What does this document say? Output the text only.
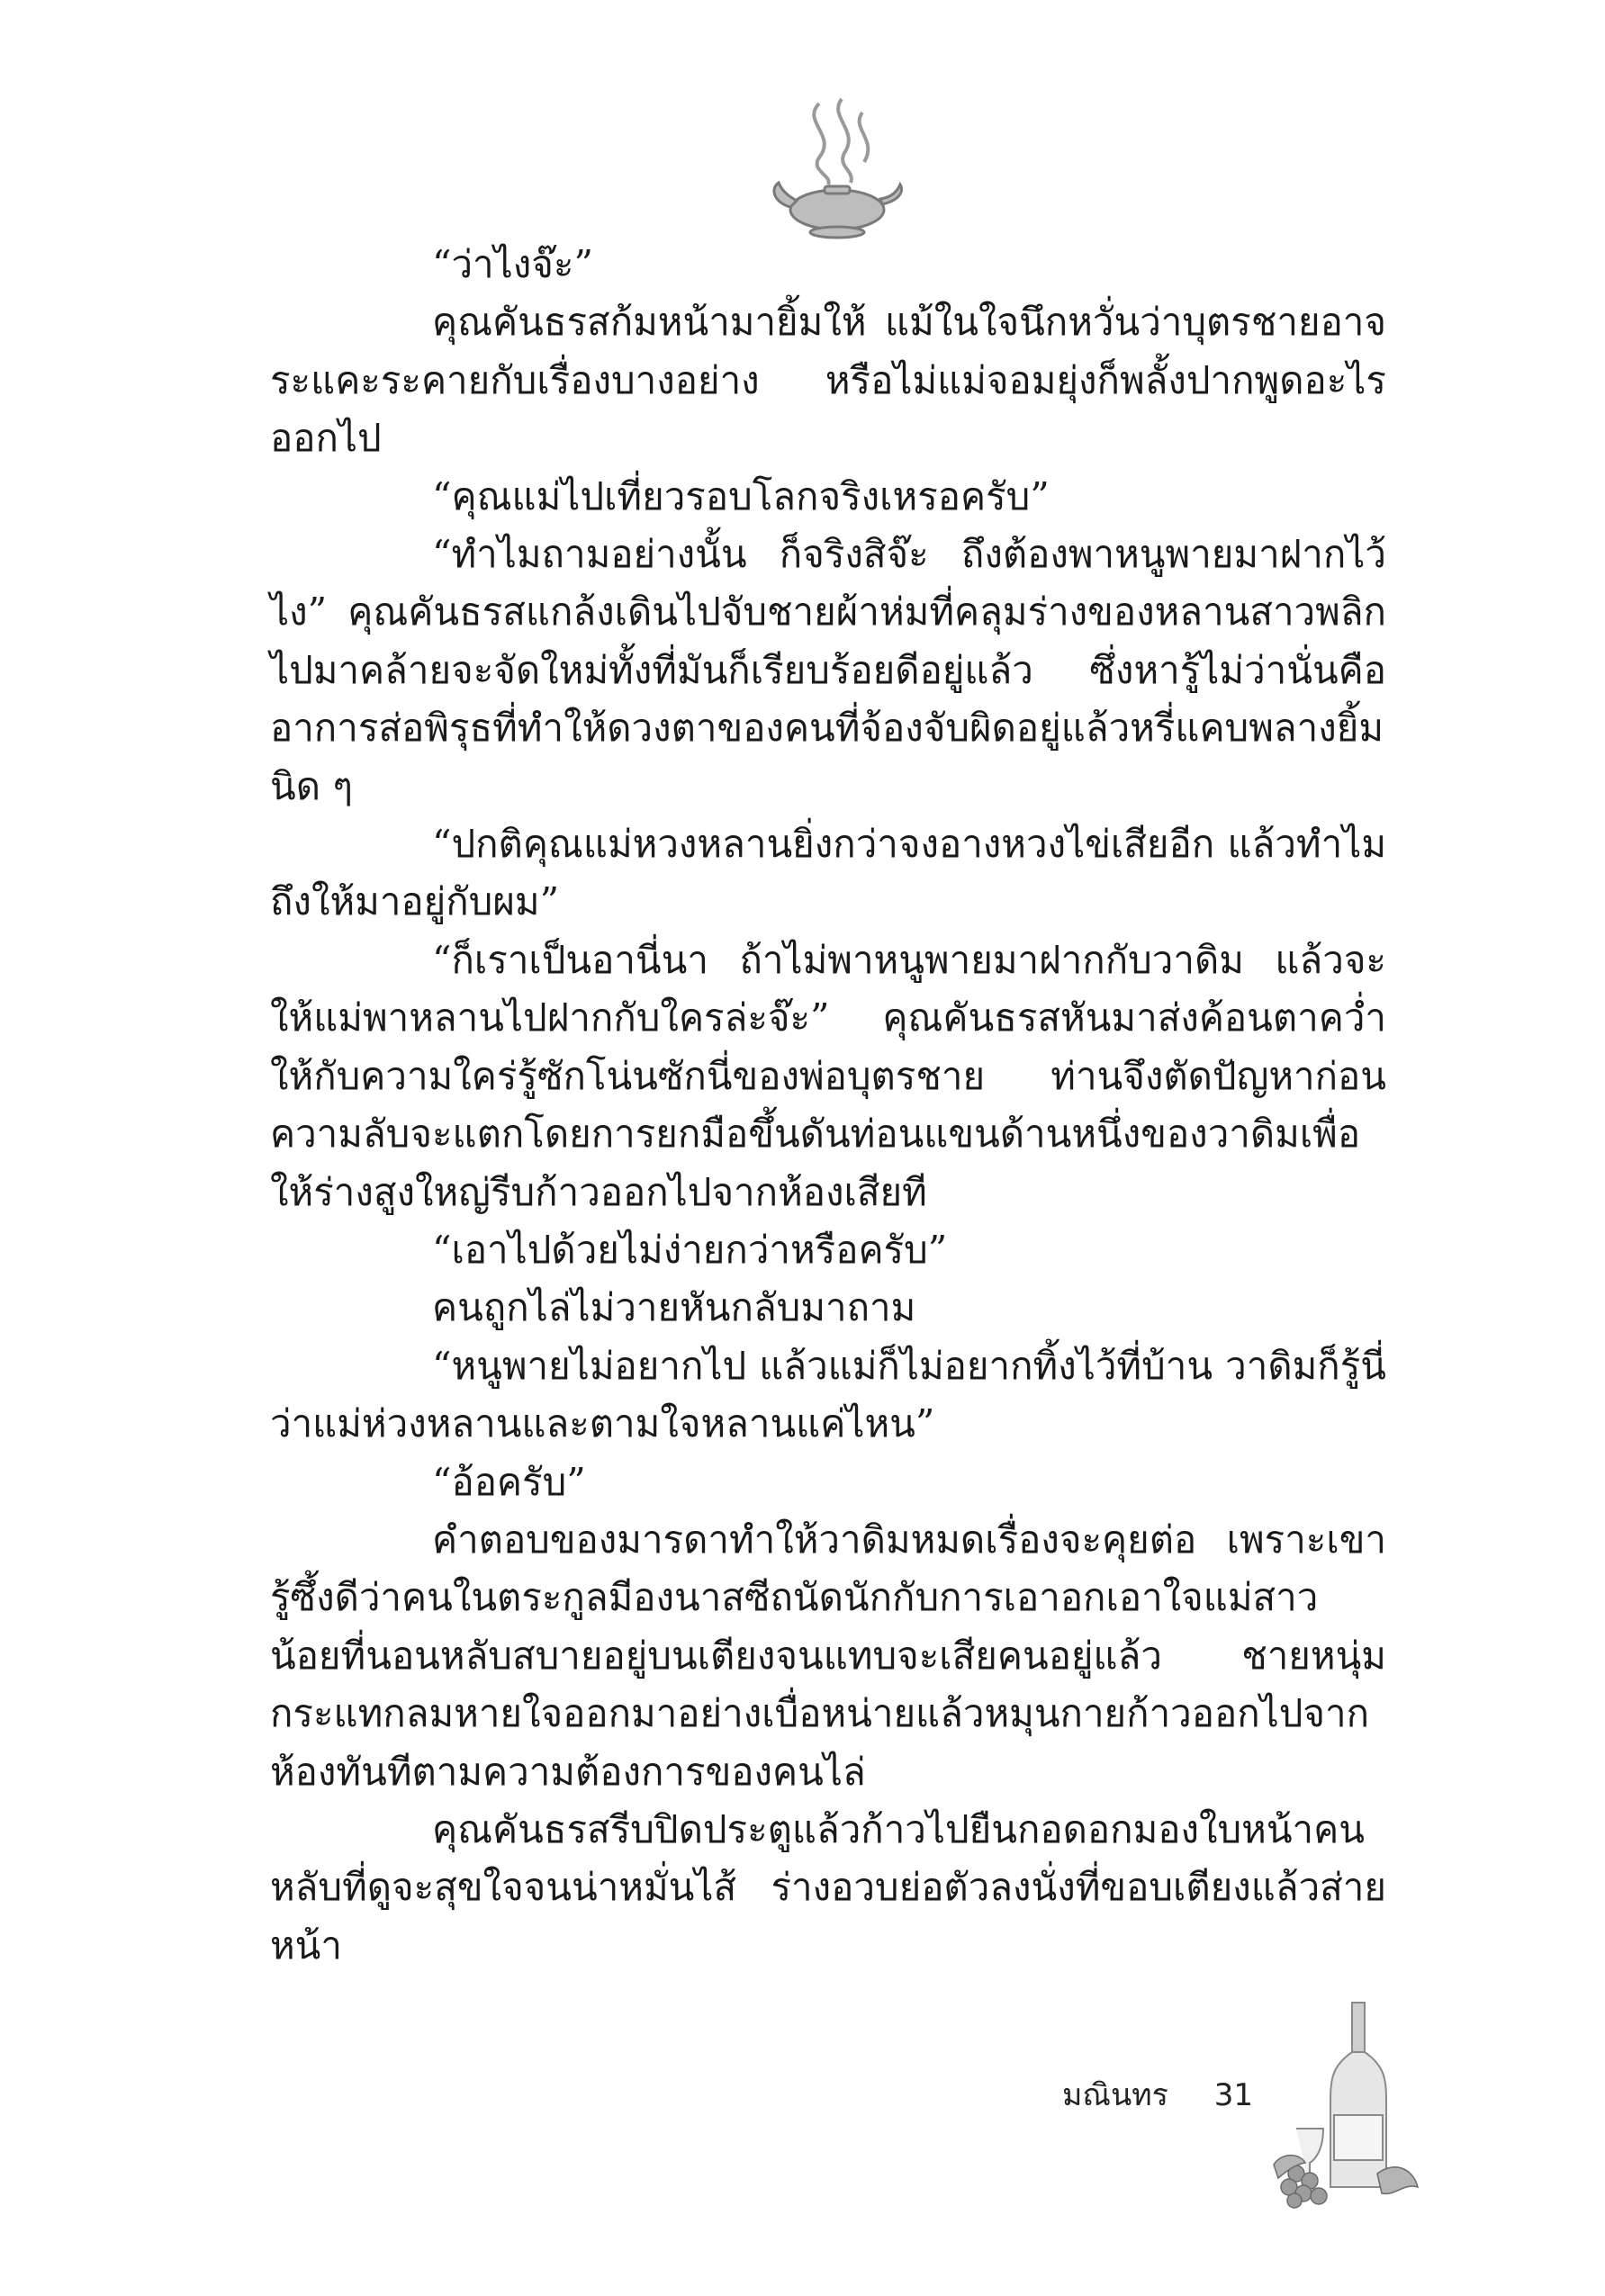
“ว่าไงจ๊ะ”

คุณคันธรสก้มหน้ามายิ้มให้ แม้ในใจนึกหวั่นว่าบุตรชายอาจระแคะระคายกับเรื่องบางอย่าง หรือไม่แม่จอมยุ่งก็พลั้งปากพูดอะไรออกไป

“คุณแม่ไปเที่ยวรอบโลกจริงเหรอครับ”

“ทำไมถามอย่างนั้น ก็จริงสิจ๊ะ ถึงต้องพาหนูพายมาฝากไว้ไง” คุณคันธรสแกล้งเดินไปจับชายผ้าห่มที่คลุมร่างของหลานสาวพลิกไปมาคล้ายจะจัดใหม่ทั้งที่มันก็เรียบร้อยดีอยู่แล้ว ซึ่งหารู้ไม่ว่านั่นคืออาการส่อพิรุธที่ทำให้ดวงตาของคนที่จ้องจับผิดอยู่แล้วหรี่แคบพลางยิ้มนิด ๆ

“ปกติคุณแม่หวงหลานยิ่งกว่าจงอางหวงไข่เสียอีก แล้วทำไมถึงให้มาอยู่กับผม”

“ก็เราเป็นอานี่นา ถ้าไม่พาหนูพายมาฝากกับวาดิม แล้วจะให้แม่พาหลานไปฝากกับใครล่ะจ๊ะ” คุณคันธรสหันมาส่งค้อนตาคว่ำให้กับความใคร่รู้ซักโน่นซักนี่ของพ่อบุตรชาย ท่านจึงตัดปัญหาก่อนความลับจะแตกโดยการยกมือขึ้นดันท่อนแขนด้านหนึ่งของวาดิมเพื่อให้ร่างสูงใหญ่รีบก้าวออกไปจากห้องเสียที

“เอาไปด้วยไม่ง่ายกว่าหรือครับ”

คนถูกไล่ไม่วายหันกลับมาถาม

“หนูพายไม่อยากไป แล้วแม่ก็ไม่อยากทิ้งไว้ที่บ้าน วาดิมก็รู้นี่ว่าแม่ห่วงหลานและตามใจหลานแค่ไหน”

“อ้อครับ”

คำตอบของมารดาทำให้วาดิมหมดเรื่องจะคุยต่อ เพราะเขารู้ซึ้งดีว่าคนในตระกูลมีองนาสซีถนัดนักกับการเอาอกเอาใจแม่สาวน้อยที่นอนหลับสบายอยู่บนเตียงจนแทบจะเสียคนอยู่แล้ว ชายหนุ่มกระแทกลมหายใจออกมาอย่างเบื่อหน่ายแล้วหมุนกายก้าวออกไปจากห้องทันทีตามความต้องการของคนไล่

คุณคันธรสรีบปิดประตูแล้วก้าวไปยืนกอดอกมองใบหน้าคนหลับที่ดูจะสุขใจจนน่าหมั่นไส้ ร่างอวบย่อตัวลงนั่งที่ขอบเตียงแล้วส่ายหน้า

มณินทร 31
